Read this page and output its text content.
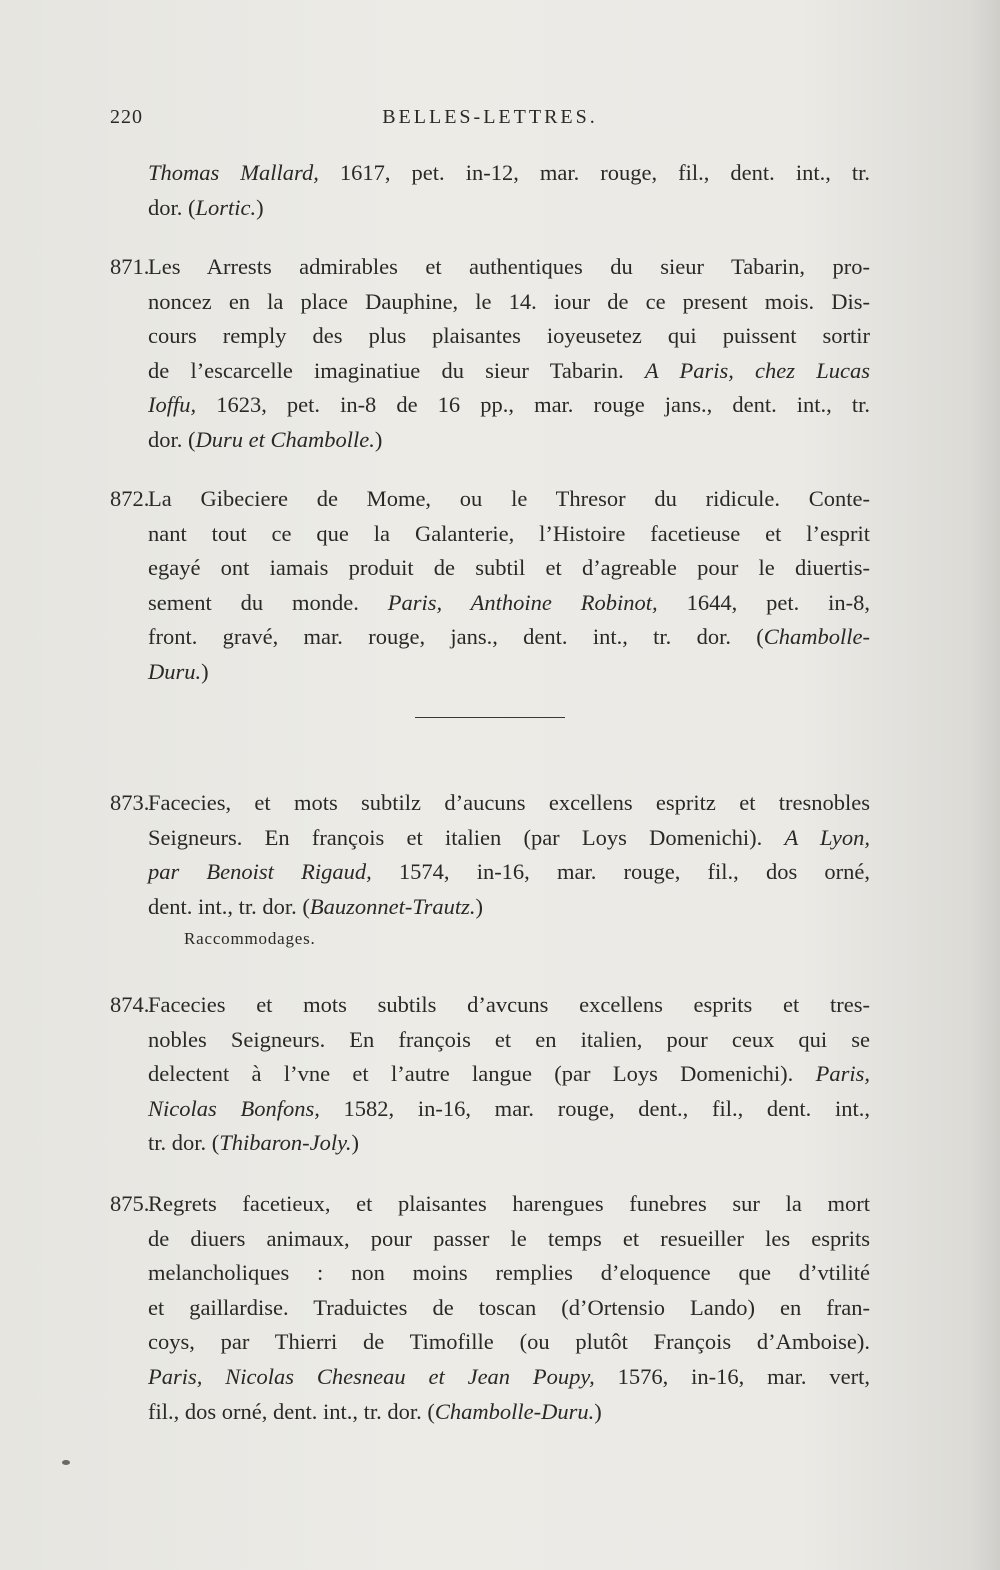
220	BELLES-LETTRES.
Thomas Mallard, 1617, pet. in-12, mar. rouge, fil., dent. int., tr.
dor. (Lortic.)
871.Les Arrests admirables et authentiques du sieur Tabarin, pro-
noncez en la place Dauphine, le 14. iour de ce present mois. Dis-
cours remply des plus plaisantes ioyeusetez qui puissent sortir
de l’escarcelle imaginatiue du sieur Tabarin. A Paris, chez Lucas
Ioffu, 1623, pet. in-8 de 16 pp., mar. rouge jans., dent. int., tr.
dor. (Duru et Chambolle.)
872.La Gibeciere de Mome, ou le Thresor du ridicule. Conte-
nant tout ce que la Galanterie, l’Histoire facetieuse et l’esprit
egayé ont iamais produit de subtil et d’agreable pour le diuertis-
sement du monde. Paris, Anthoine Robinot, 1644, pet. in-8,
front. gravé, mar. rouge, jans., dent. int., tr. dor. (Chambolle-
Duru.)
873.Facecies, et mots subtilz d’aucuns excellens espritz et tresnobles
Seigneurs. En françois et italien (par Loys Domenichi). A Lyon,
par Benoist Rigaud, 1574, in-16, mar. rouge, fil., dos orné,
dent. int., tr. dor. (Bauzonnet-Trautz.)
Raccommodages.
874.Facecies et mots subtils d’avcuns excellens esprits et tres-
nobles Seigneurs. En françois et en italien, pour ceux qui se
delectent à l’vne et l’autre langue (par Loys Domenichi). Paris,
Nicolas Bonfons, 1582, in-16, mar. rouge, dent., fil., dent. int.,
tr. dor. (Thibaron-Joly.)
875.Regrets facetieux, et plaisantes harengues funebres sur la mort
de diuers animaux, pour passer le temps et resueiller les esprits
melancholiques : non moins remplies d’eloquence que d’vtilité
et gaillardise. Traduictes de toscan (d’Ortensio Lando) en fran-
coys, par Thierri de Timofille (ou plutôt François d’Amboise).
Paris, Nicolas Chesneau et Jean Poupy, 1576, in-16, mar. vert,
fil., dos orné, dent. int., tr. dor. (Chambolle-Duru.)
